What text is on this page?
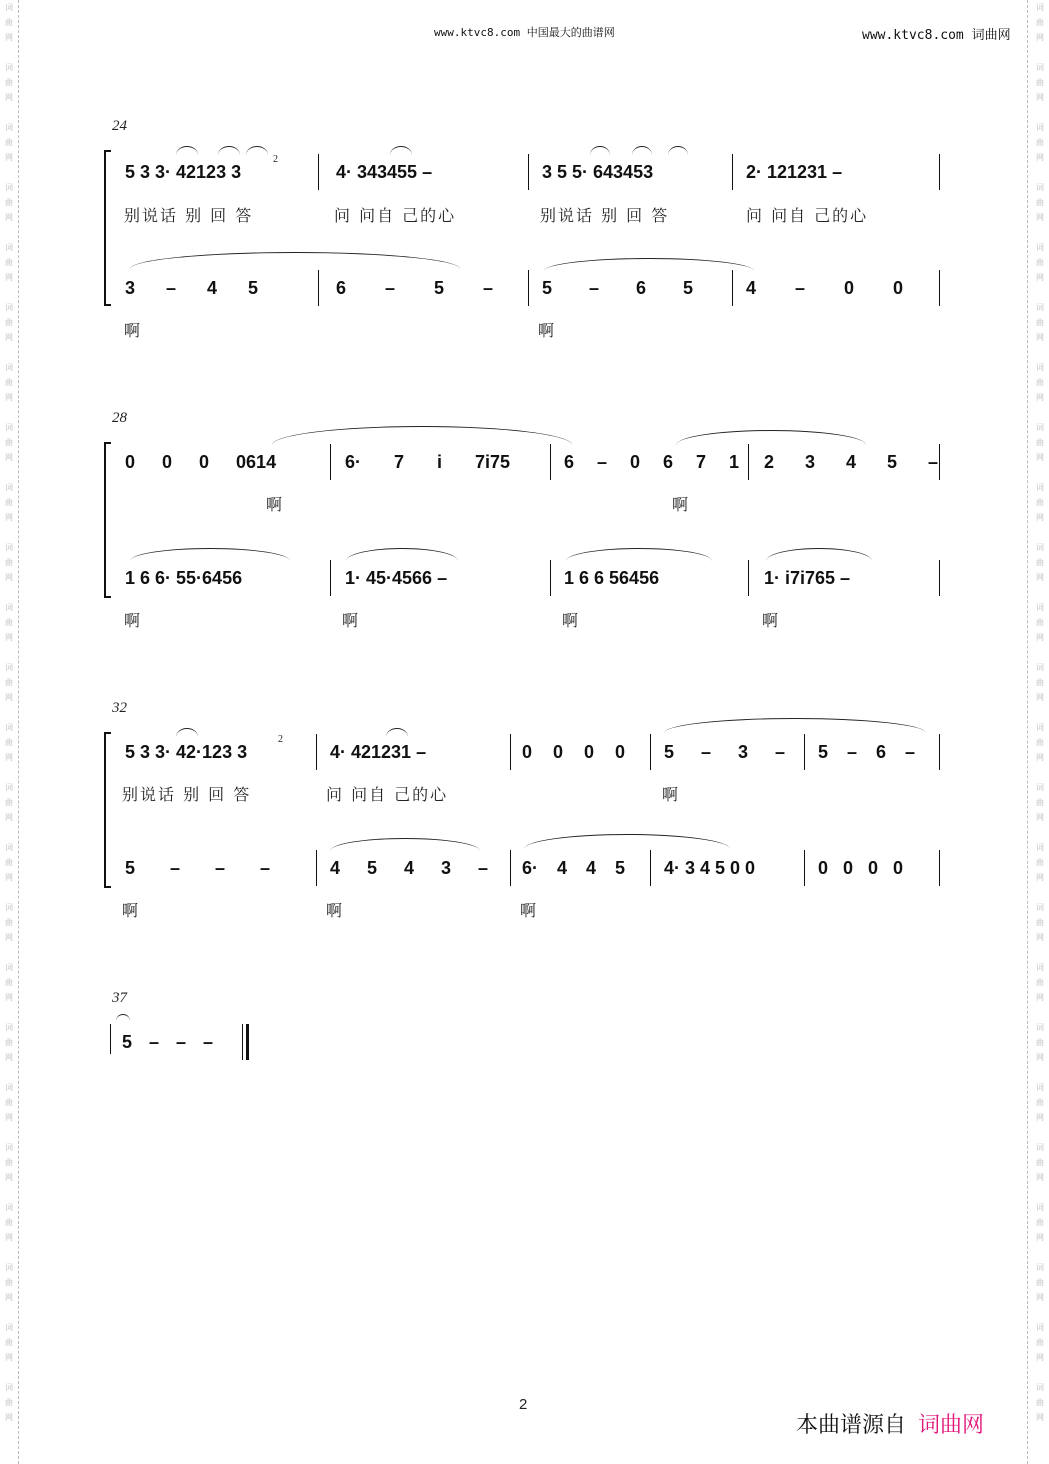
www.ktvc8.com 中国最大的曲谱网	www.ktvc8.com 词曲网
词
曲
网
词
曲
网
词
曲
网
词
曲
网
词
曲
网
词
曲
网
词
曲
网
词
曲
网
词
曲
网
词
曲
网
词
曲
网
词
曲
网
词
曲
网
词
曲
网
词
曲
网
词
曲
网
词
曲
网
词
曲
网
词
曲
网
词
曲
网
词
曲
网
词
曲
网
词
曲
网
词
曲
网
词
曲
网
词
曲
网
词
曲
网
词
曲
网
词
曲
网
词
曲
网
词
曲
网
词
曲
网
词
曲
网
词
曲
网
词
曲
网
词
曲
网
词
曲
网
词
曲
网
词
曲
网
词
曲
网
词
曲
网
词
曲
网
词
曲
网
词
曲
网
词
曲
网
词
曲
网
词
曲
网
词
曲
网
24
5 3 3· 42123 3
2
4· 343455 –	3 5 5· 643453	2· 121231 –
别说话 别 回 答	问 问自 己的心	别说话 别 回 答	问 问自 己的心
3 – 4 5	6 – 5 –	5 – 6 5	4 – 0 0
啊	啊
28
0 0 0 0614	6· 7 i 7i75	6 – 0 6 7 1 2 3 4 5 –
啊	啊
1 6 6· 55·6456	1· 45·4566 –	1 6 6 56456	1· i7i765 –
啊	啊	啊	啊
32
5 3 3· 42·123 3
2
4· 421231 –	0 0 0 0 5 – 3 – 5 – 6 –
别说话 别 回 答	问 问自 己的心	啊
5 – – –	4 5 4 3 – 6· 4 4 5 4· 3 4 5 0 0	0 0 0 0
啊	啊	啊
37
5 – – –
2
本曲谱源自 词曲网
